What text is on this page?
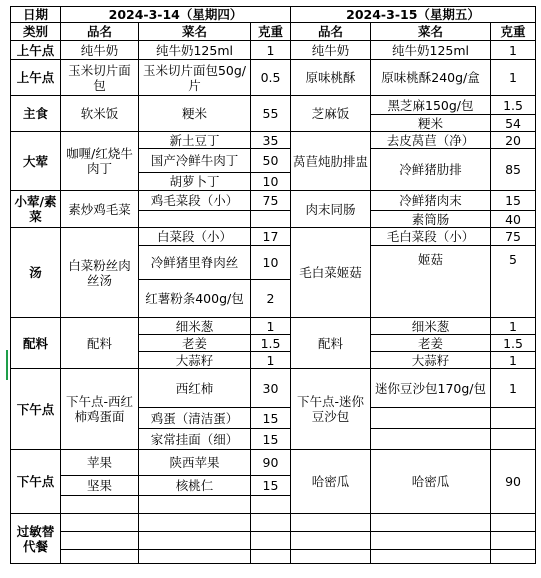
日期	2024-3-14（星期四）			2024-3-15（星期五）		
类别	品名	菜名	克重	品名	菜名	克重
上午点	纯牛奶	纯牛奶125ml	1	纯牛奶	纯牛奶125ml	1
上午点	玉米切片面包	玉米切片面包50g/片	0.5	原味桃酥	原味桃酥240g/盒	1
主食	软米饭	粳米	55	芝麻饭	黑芝麻150g/包	1.5
					粳米	54
大荤	咖喱/红烧牛肉丁	新土豆丁	35	莴苣炖肋排盅	去皮莴苣（净）	20
		国产冷鲜牛肉丁	50		冷鲜猪肋排	85
		胡萝卜丁	10			
小荤/素菜	素炒鸡毛菜	鸡毛菜段（小）	75	肉末同肠	冷鲜猪肉末	15
					素筒肠	40
汤	白菜粉丝肉丝汤	白菜段（小）	17	毛白菜姬菇	毛白菜段（小）	75
		冷鲜猪里脊肉丝	10		姬菇	5
		红薯粉条400g/包	2			
配料	配料	细米葱	1	配料	细米葱	1
		老姜	1.5		老姜	1.5
		大蒜籽	1		大蒜籽	1
下午点	下午点-西红柿鸡蛋面	西红柿	30	下午点-迷你豆沙包	迷你豆沙包170g/包	1
		鸡蛋（清洁蛋）	15			
		家常挂面（细）	15			
下午点	苹果	陕西苹果	90	哈密瓜	哈密瓜	90
	坚果	核桃仁	15			

过敏替代餐						
